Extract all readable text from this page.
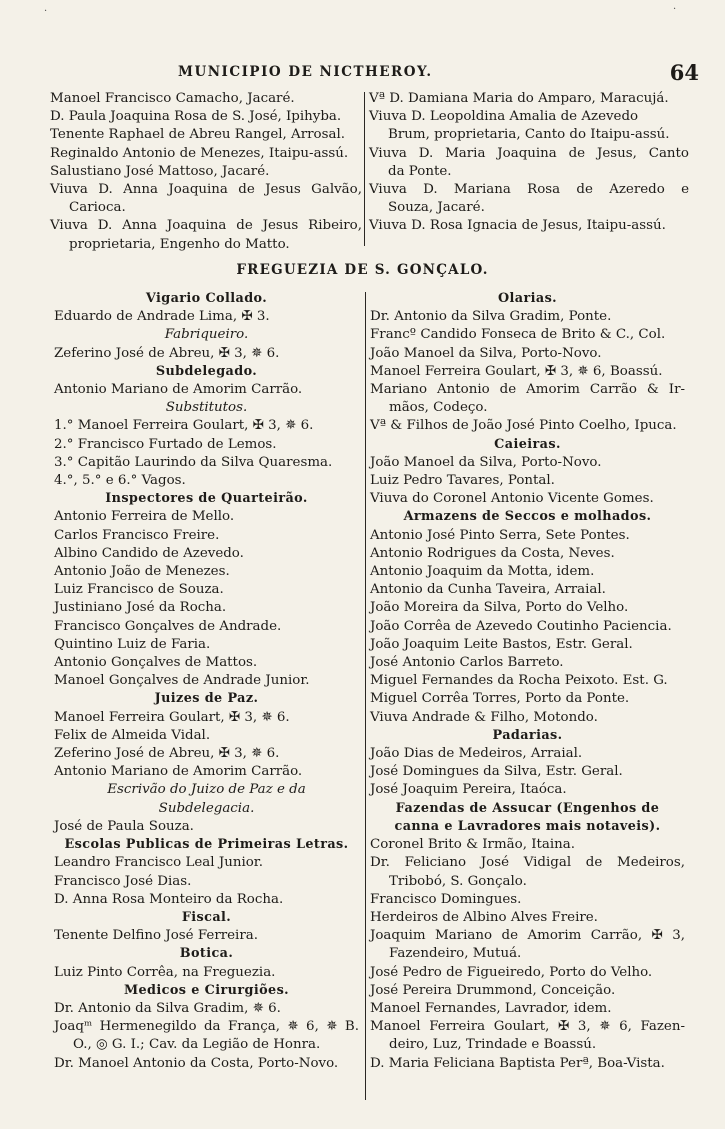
MUNICIPIO DE NICTHEROY.	64
·	·
Manoel Francisco Camacho, Jacaré.
D. Paula Joaquina Rosa de S. José, Ipihyba.
Tenente Raphael de Abreu Rangel, Arrosal.
Reginaldo Antonio de Menezes, Itaipu-assú.
Salustiano José Mattoso, Jacaré.
Viuva D. Anna Joaquina de Jesus Galvão,
Carioca.
Viuva D. Anna Joaquina de Jesus Ribeiro,
proprietaria, Engenho do Matto.
Vª D. Damiana Maria do Amparo, Maracujá.
Viuva D. Leopoldina Amalia de Azevedo
Brum, proprietaria, Canto do Itaipu-assú.
Viuva D. Maria Joaquina de Jesus, Canto
da Ponte.
Viuva D. Mariana Rosa de Azeredo e
Souza, Jacaré.
Viuva D. Rosa Ignacia de Jesus, Itaipu-assú.
FREGUEZIA DE S. GONÇALO.
Vigario Collado.
Eduardo de Andrade Lima, ✠ 3.
Fabriqueiro.
Zeferino José de Abreu, ✠ 3, ✵ 6.
Subdelegado.
Antonio Mariano de Amorim Carrão.
Substitutos.
1.° Manoel Ferreira Goulart, ✠ 3, ✵ 6.
2.° Francisco Furtado de Lemos.
3.° Capitão Laurindo da Silva Quaresma.
4.°, 5.° e 6.° Vagos.
Inspectores de Quarteirão.
Antonio Ferreira de Mello.
Carlos Francisco Freire.
Albino Candido de Azevedo.
Antonio João de Menezes.
Luiz Francisco de Souza.
Justiniano José da Rocha.
Francisco Gonçalves de Andrade.
Quintino Luiz de Faria.
Antonio Gonçalves de Mattos.
Manoel Gonçalves de Andrade Junior.
Juizes de Paz.
Manoel Ferreira Goulart, ✠ 3, ✵ 6.
Felix de Almeida Vidal.
Zeferino José de Abreu, ✠ 3, ✵ 6.
Antonio Mariano de Amorim Carrão.
Escrivão do Juizo de Paz e da
Subdelegacia.
José de Paula Souza.
Escolas Publicas de Primeiras Letras.
Leandro Francisco Leal Junior.
Francisco José Dias.
D. Anna Rosa Monteiro da Rocha.
Fiscal.
Tenente Delfino José Ferreira.
Botica.
Luiz Pinto Corrêa, na Freguezia.
Medicos e Cirurgiões.
Dr. Antonio da Silva Gradim, ✵ 6.
Joaqᵐ Hermenegildo da França, ✵ 6, ✵ B.
O., ◎ G. I.; Cav. da Legião de Honra.
Dr. Manoel Antonio da Costa, Porto-Novo.
Olarias.
Dr. Antonio da Silva Gradim, Ponte.
Francº Candido Fonseca de Brito & C., Col.
João Manoel da Silva, Porto-Novo.
Manoel Ferreira Goulart, ✠ 3, ✵ 6, Boassú.
Mariano Antonio de Amorim Carrão & Ir-
mãos, Codeço.
Vª & Filhos de João José Pinto Coelho, Ipuca.
Caieiras.
João Manoel da Silva, Porto-Novo.
Luiz Pedro Tavares, Pontal.
Viuva do Coronel Antonio Vicente Gomes.
Armazens de Seccos e molhados.
Antonio José Pinto Serra, Sete Pontes.
Antonio Rodrigues da Costa, Neves.
Antonio Joaquim da Motta, idem.
Antonio da Cunha Taveira, Arraial.
João Moreira da Silva, Porto do Velho.
João Corrêa de Azevedo Coutinho Paciencia.
João Joaquim Leite Bastos, Estr. Geral.
José Antonio Carlos Barreto.
Miguel Fernandes da Rocha Peixoto. Est. G.
Miguel Corrêa Torres, Porto da Ponte.
Viuva Andrade & Filho, Motondo.
Padarias.
João Dias de Medeiros, Arraial.
José Domingues da Silva, Estr. Geral.
José Joaquim Pereira, Itaóca.
Fazendas de Assucar (Engenhos de
canna e Lavradores mais notaveis).
Coronel Brito & Irmão, Itaina.
Dr. Feliciano José Vidigal de Medeiros,
Tribobó, S. Gonçalo.
Francisco Domingues.
Herdeiros de Albino Alves Freire.
Joaquim Mariano de Amorim Carrão, ✠ 3,
Fazendeiro, Mutuá.
José Pedro de Figueiredo, Porto do Velho.
José Pereira Drummond, Conceição.
Manoel Fernandes, Lavrador, idem.
Manoel Ferreira Goulart, ✠ 3, ✵ 6, Fazen-
deiro, Luz, Trindade e Boassú.
D. Maria Feliciana Baptista Perª, Boa-Vista.
